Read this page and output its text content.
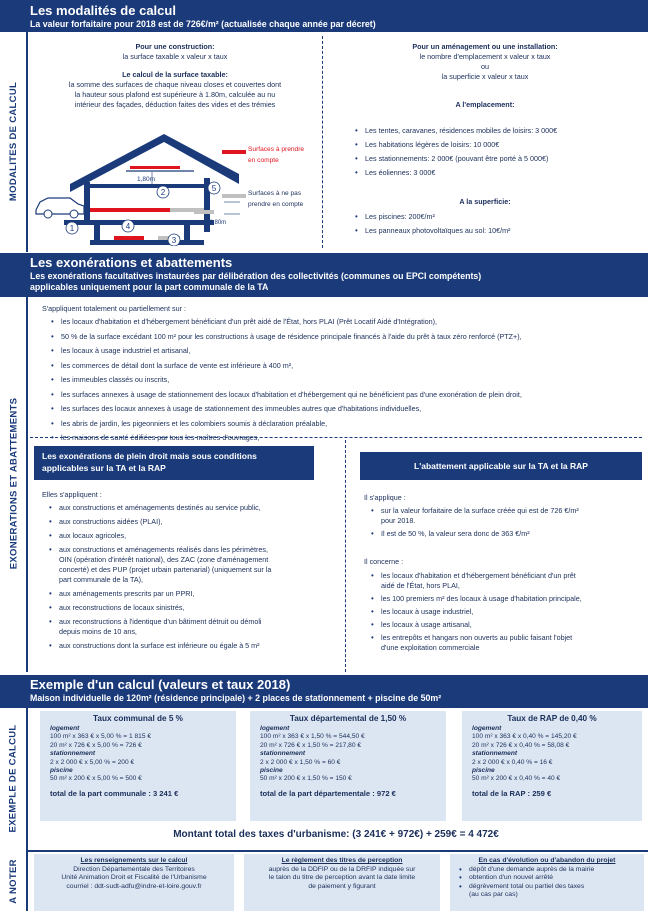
Les modalités de calcul
La valeur forfaitaire pour 2018 est de 726€/m² (actualisée chaque année par décret)
MODALITES DE CALCUL
Pour une construction:
la surface taxable x valeur x taux
Le calcul de la surface taxable:
la somme des surfaces de chaque niveau closes et couvertes dont
la hauteur sous plafond est supérieure à 1.80m, calculée au nu
intérieur des façades, déduction faites des vides et des trémies
1,80m
<1,80m
1
2
3
4
5
Surfaces à prendre
en compte
Surfaces à ne pas
prendre en compte
Pour un aménagement ou une installation:
le nombre d'emplacement x valeur x taux
ou
la superficie x valeur x taux
A l'emplacement:
• Les tentes, caravanes, résidences mobiles de loisirs: 3 000€
• Les habitations légères de loisirs: 10 000€
• Les stationnements: 2 000€ (pouvant être porté à 5 000€)
• Les éoliennes: 3 000€
A la superficie:
• Les piscines: 200€/m²
• Les panneaux photovoltaïques au sol: 10€/m²
Les exonérations et abattements
Les exonérations facultatives instaurées par délibération des collectivités (communes ou EPCI compétents)
applicables uniquement pour la part communale de la TA
EXONERATIONS ET ABATTEMENTS
S'appliquent totalement ou partiellement sur :
• les locaux d'habitation et d'hébergement bénéficiant d'un prêt aidé de l'État, hors PLAI (Prêt Locatif Aidé d'Intégration),
• 50 % de la surface excédant 100 m² pour les constructions à usage de résidence principale financés à l'aide du prêt à taux zéro renforcé (PTZ+),
• les locaux à usage industriel et artisanal,
• les commerces de détail dont la surface de vente est inférieure à 400 m²,
• les immeubles classés ou inscrits,
• les surfaces annexes à usage de stationnement des locaux d'habitation et d'hébergement qui ne bénéficient pas d'une exonération de plein droit,
• les surfaces des locaux annexes à usage de stationnement des immeubles autres que d'habitations individuelles,
• les abris de jardin, les pigeonniers et les colombiers soumis à déclaration préalable,
• les maisons de santé édifiées par tous les maîtres d'ouvrages,
Les exonérations de plein droit mais sous conditions
applicables sur la TA et la RAP	L'abattement applicable sur la TA et la RAP
Elles s'appliquent :
• aux constructions et aménagements destinés au service public,
• aux constructions aidées (PLAI),
• aux locaux agricoles,
• aux constructions et aménagements réalisés dans les périmètres,
OIN (opération d'intérêt national), des ZAC (zone d'aménagement
concerté) et des PUP (projet urbain partenarial) (uniquement sur la
part communale de la TA),
• aux aménagements prescrits par un PPRI,
• aux reconstructions de locaux sinistrés,
• aux reconstructions à l'identique d'un bâtiment détruit ou démoli
depuis moins de 10 ans,
• aux constructions dont la surface est inférieure ou égale à 5 m²
Il s'applique :
• sur la valeur forfaitaire de la surface créée qui est de 726 €/m²
pour 2018.
• Il est de 50 %, la valeur sera donc de 363 €/m²
Il concerne :
• les locaux d'habitation et d'hébergement bénéficiant d'un prêt
aidé de l'État, hors PLAI,
• les 100 premiers m² des locaux à usage d'habitation principale,
• les locaux à usage industriel,
• les locaux à usage artisanal,
• les entrepôts et hangars non ouverts au public faisant l'objet
d'une exploitation commerciale
Exemple d'un calcul (valeurs et taux 2018)
Maison individuelle de 120m² (résidence principale) + 2 places de stationnement + piscine de 50m²
EXEMPLE DE CALCUL
Taux communal de 5 %
logement
100 m² x 363 € x 5,00 % = 1 815 €
20 m² x 726 € x 5,00 % = 726 €
stationnement
2 x 2 000 € x 5,00 % = 200 €
piscine
50 m² x 200 € x 5,00 % = 500 €
total de la part communale : 3 241 €
Taux départemental de 1,50 %
logement
100 m² x 363 € x 1,50 % = 544,50 €
20 m² x 726 € x 1,50 % = 217,80 €
stationnement
2 x 2 000 € x 1,50 % = 60 €
piscine
50 m² x 200 € x 1,50 % = 150 €
total de la part départementale : 972 €
Taux de RAP de 0,40 %
logement
100 m² x 363 € x 0,40 % = 145,20 €
20 m² x 726 € x 0,40 % = 58,08 €
stationnement
2 x 2 000 € x 0,40 % = 16 €
piscine
50 m² x 200 € x 0,40 % = 40 €
total de la RAP : 259 €
Montant total des taxes d'urbanisme: (3 241€ + 972€) + 259€ = 4 472€
A NOTER	Les renseignements sur le calcul
Direction Départementale des Territoires
Unité Animation Droit et Fiscalité de l'Urbanisme
courriel : ddt-sudt-adfu@indre-et-loire.gouv.fr
Le règlement des titres de perception
auprès de la DDFIP ou de la DRFIP indiquée sur
le talon du titre de perception avant la date limite
de paiement y figurant
En cas d'évolution ou d'abandon du projet
• dépôt d'une demande auprès de la mairie
• obtention d'un nouvel arrêté
• dégrèvement total ou partiel des taxes
(au cas par cas)
